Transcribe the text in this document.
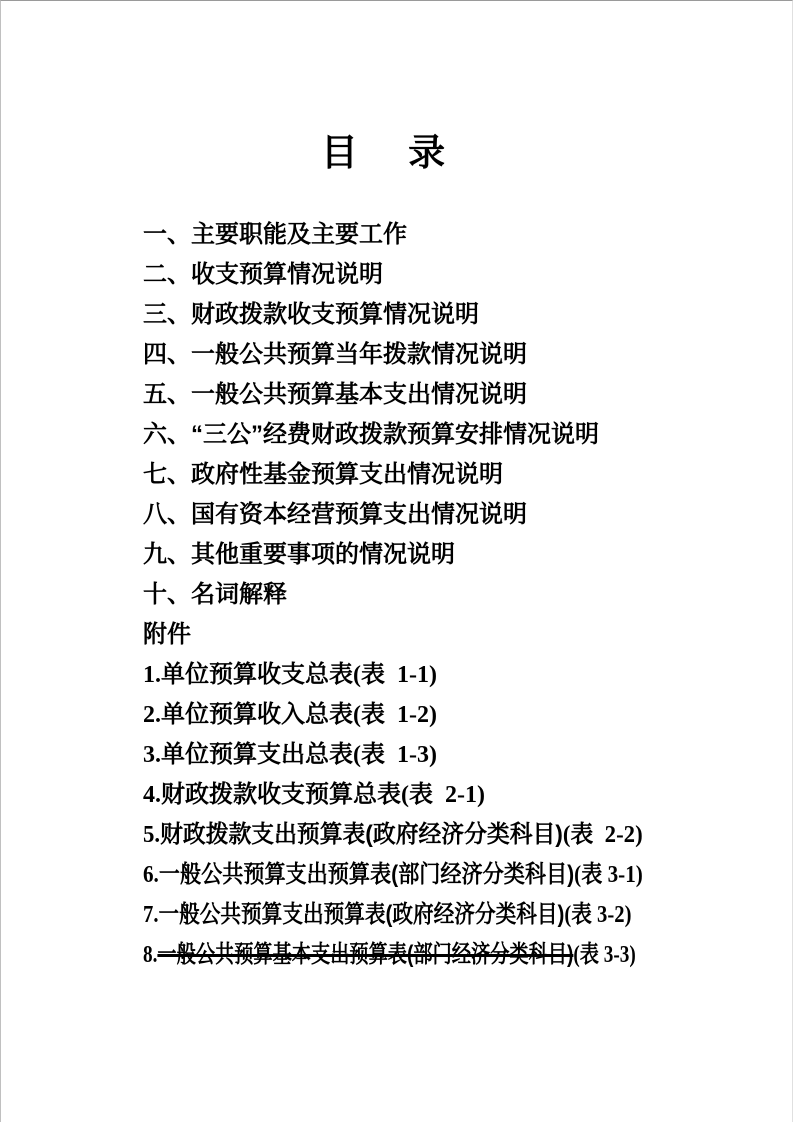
目　 录
一、主要职能及主要工作
二、收支预算情况说明
三、财政拨款收支预算情况说明
四、一般公共预算当年拨款情况说明
五、一般公共预算基本支出情况说明
六、“三公”经费财政拨款预算安排情况说明
七、政府性基金预算支出情况说明
八、国有资本经营预算支出情况说明
九、其他重要事项的情况说明
十、名词解释
附件
1.单位预算收支总表(表  1-1)
2.单位预算收入总表(表  1-2)
3.单位预算支出总表(表  1-3)
4.财政拨款收支预算总表(表  2-1)
5.财政拨款支出预算表(政府经济分类科目)(表  2-2)
6.一般公共预算支出预算表(部门经济分类科目)(表 3-1)
7.一般公共预算支出预算表(政府经济分类科目)(表 3-2)
8.一般公共预算基本支出预算表(部门经济分类科目)(表 3-3)
